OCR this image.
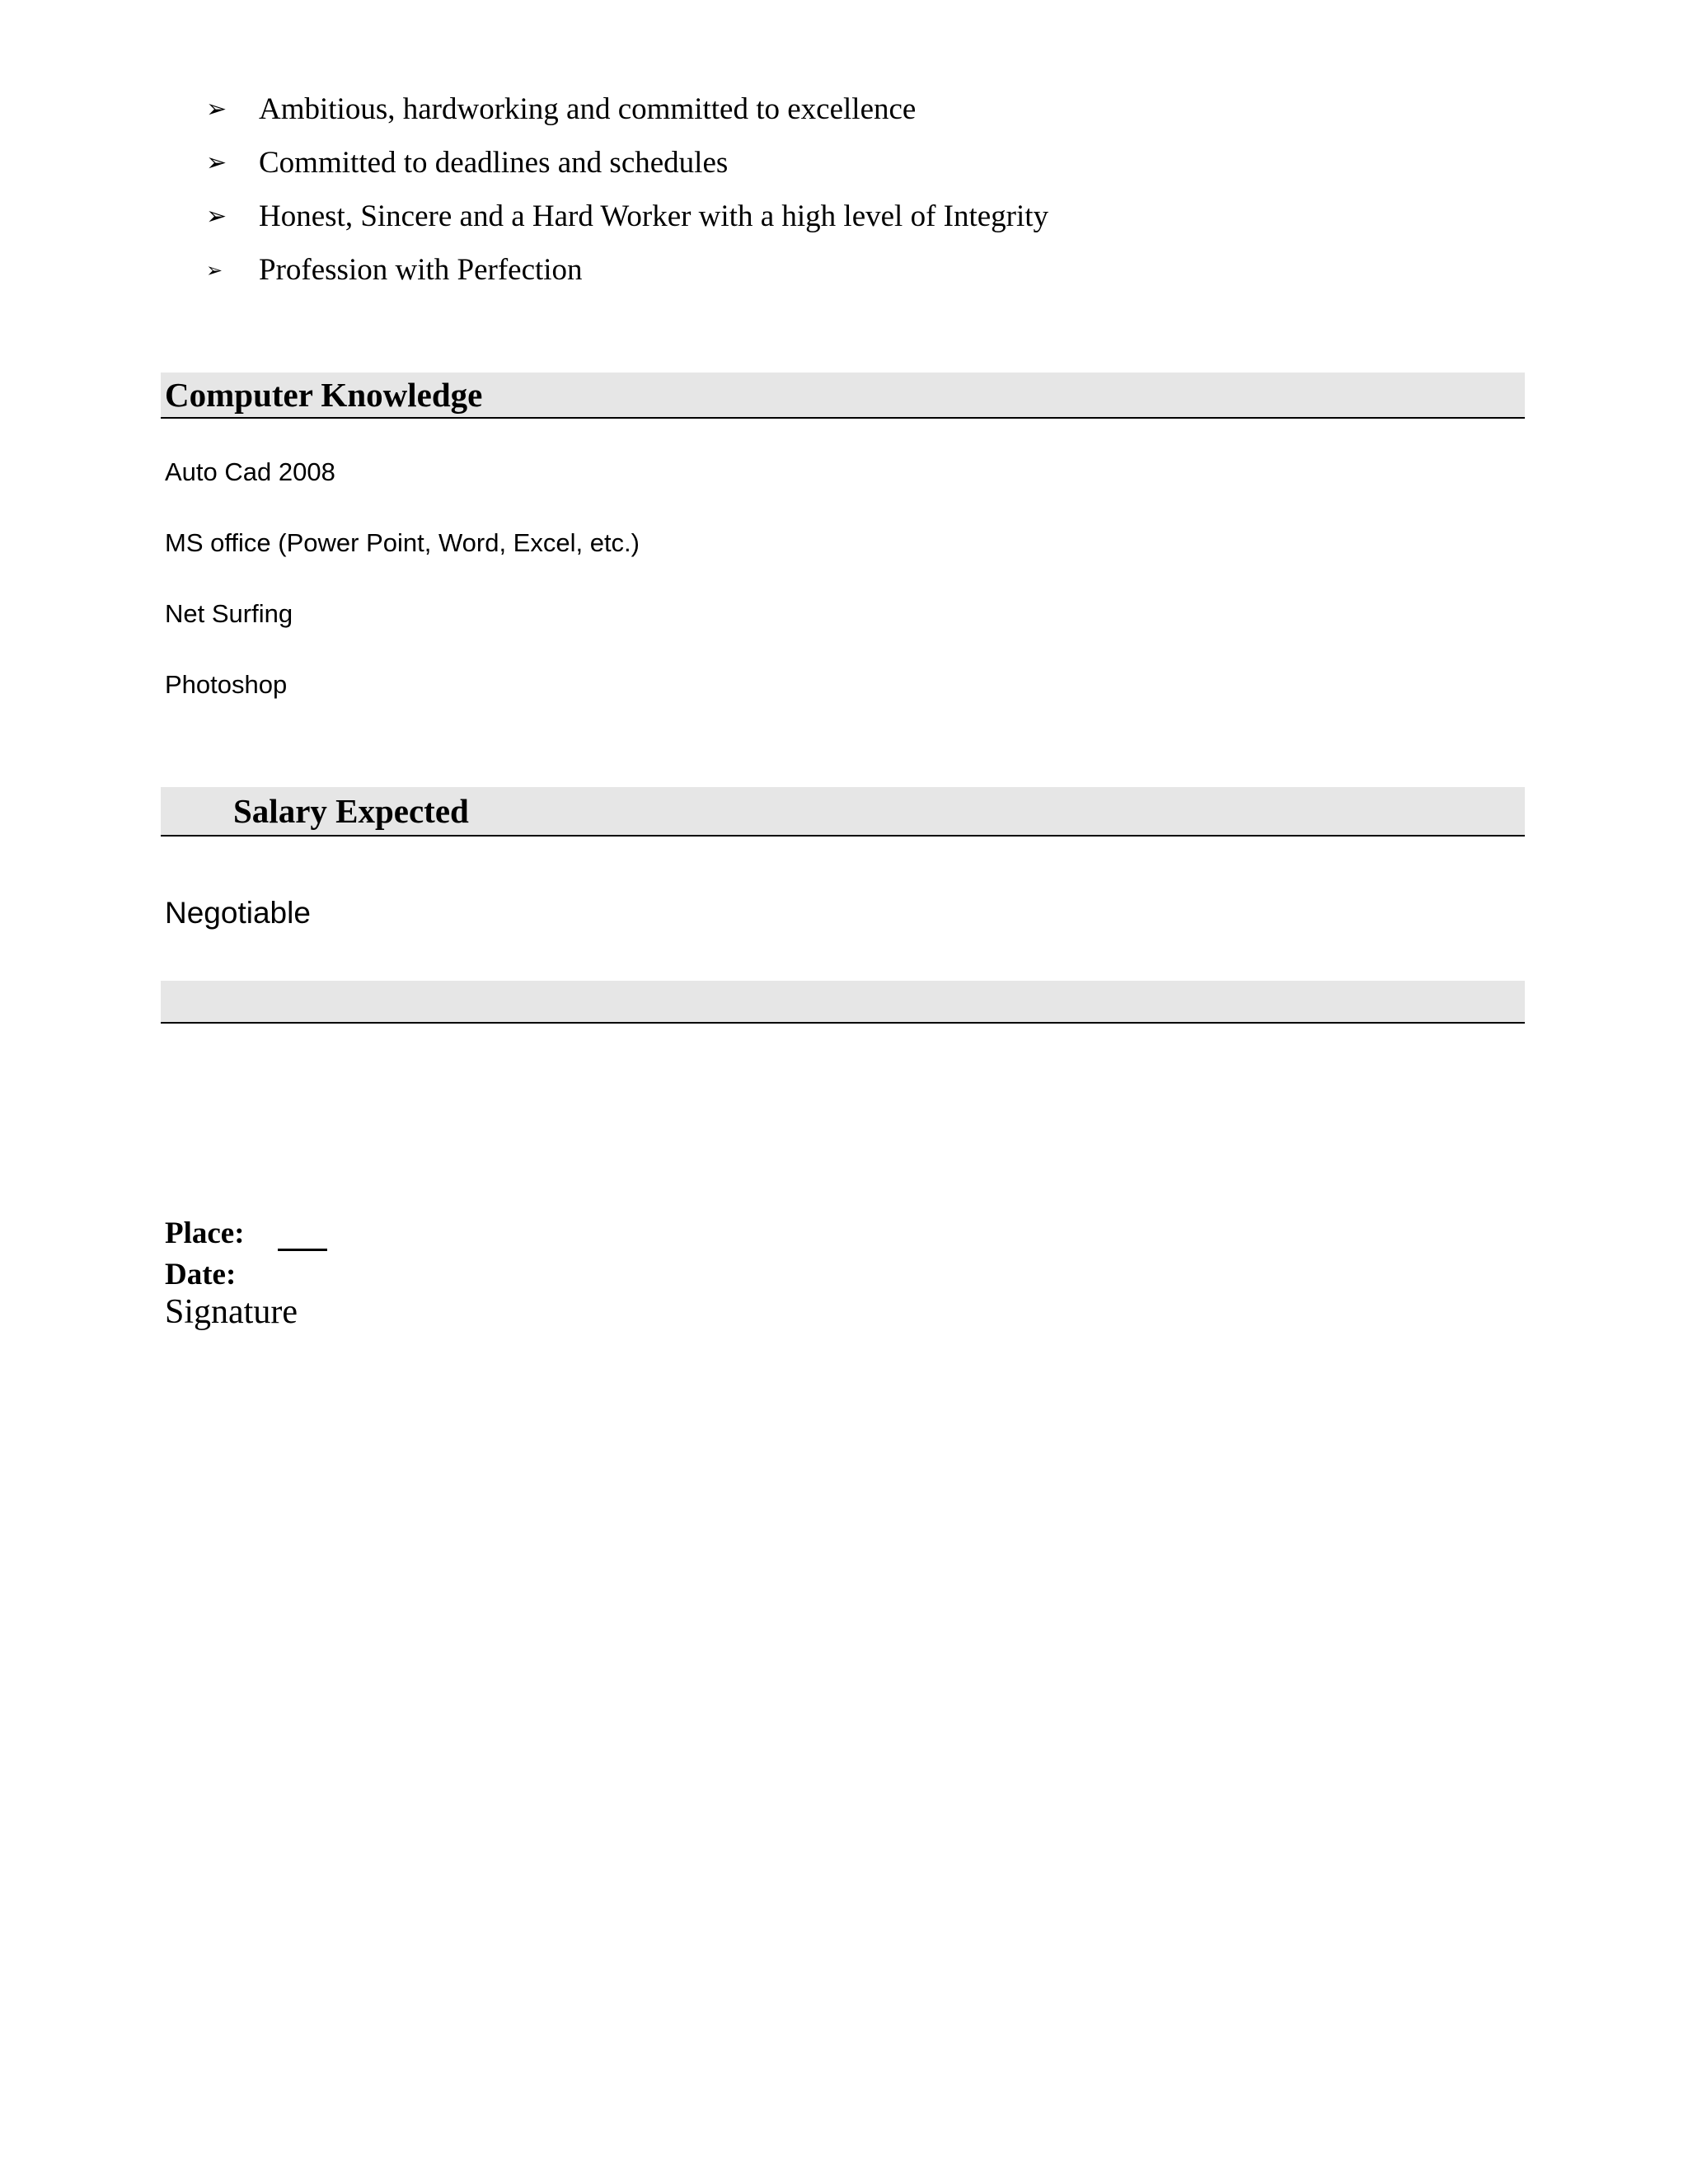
➢	Ambitious, hardworking and committed to excellence
➢	Committed to deadlines and schedules
➢	Honest, Sincere and a Hard Worker with a high level of Integrity
➢	Profession with Perfection
Computer Knowledge
Auto Cad 2008
MS office (Power Point, Word, Excel, etc.)
Net Surfing
Photoshop
Salary Expected
Negotiable
Place:
Date:
Signature
